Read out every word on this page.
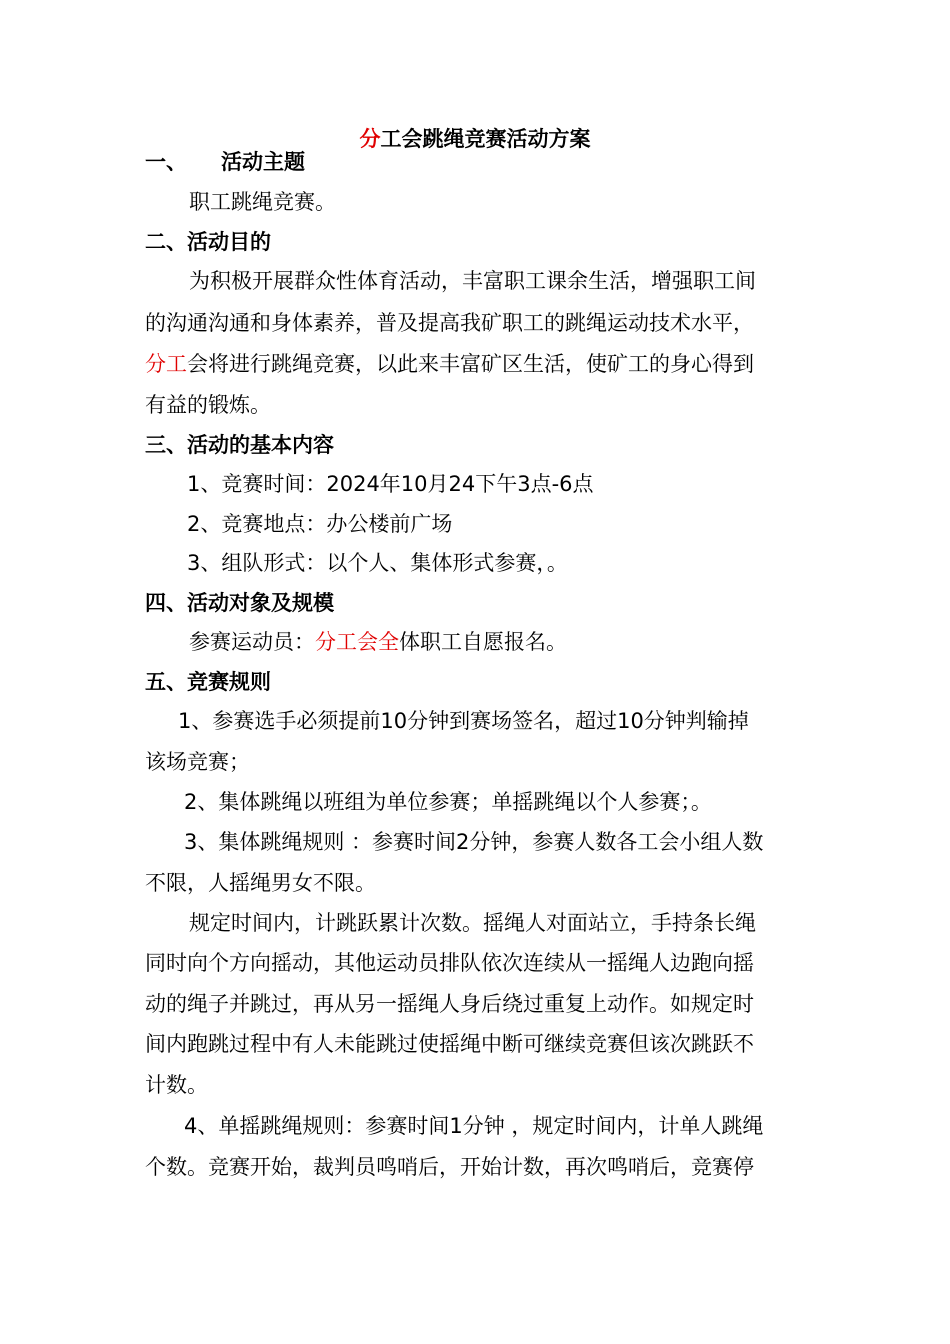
分工会跳绳竞赛活动方案
一、 活动主题
职工跳绳竞赛。
二、活动目的
为积极开展群众性体育活动，丰富职工课余生活，增强职工间
的沟通沟通和身体素养，普及提高我矿职工的跳绳运动技术水平，
分工会将进行跳绳竞赛，以此来丰富矿区生活，使矿工的身心得到
有益的锻炼。
三、活动的基本内容
1、竞赛时间：2024年10月24下午3点-6点
2、竞赛地点：办公楼前广场
3、组队形式：以个人、集体形式参赛，。
四、活动对象及规模
参赛运动员：分工会全体职工自愿报名。
五、竞赛规则
1、参赛选手必须提前10分钟到赛场签名，超过10分钟判输掉
该场竞赛；
2、集体跳绳以班组为单位参赛；单摇跳绳以个人参赛；。
3、集体跳绳规则 ：参赛时间2分钟，参赛人数各工会小组人数
不限，人摇绳男女不限。
规定时间内，计跳跃累计次数。摇绳人对面站立，手持条长绳
同时向个方向摇动，其他运动员排队依次连续从一摇绳人边跑向摇
动的绳子并跳过，再从另一摇绳人身后绕过重复上动作。如规定时
间内跑跳过程中有人未能跳过使摇绳中断可继续竞赛但该次跳跃不
计数。
4、单摇跳绳规则：参赛时间1分钟 ，规定时间内，计单人跳绳
个数。竞赛开始，裁判员鸣哨后，开始计数，再次鸣哨后，竞赛停
